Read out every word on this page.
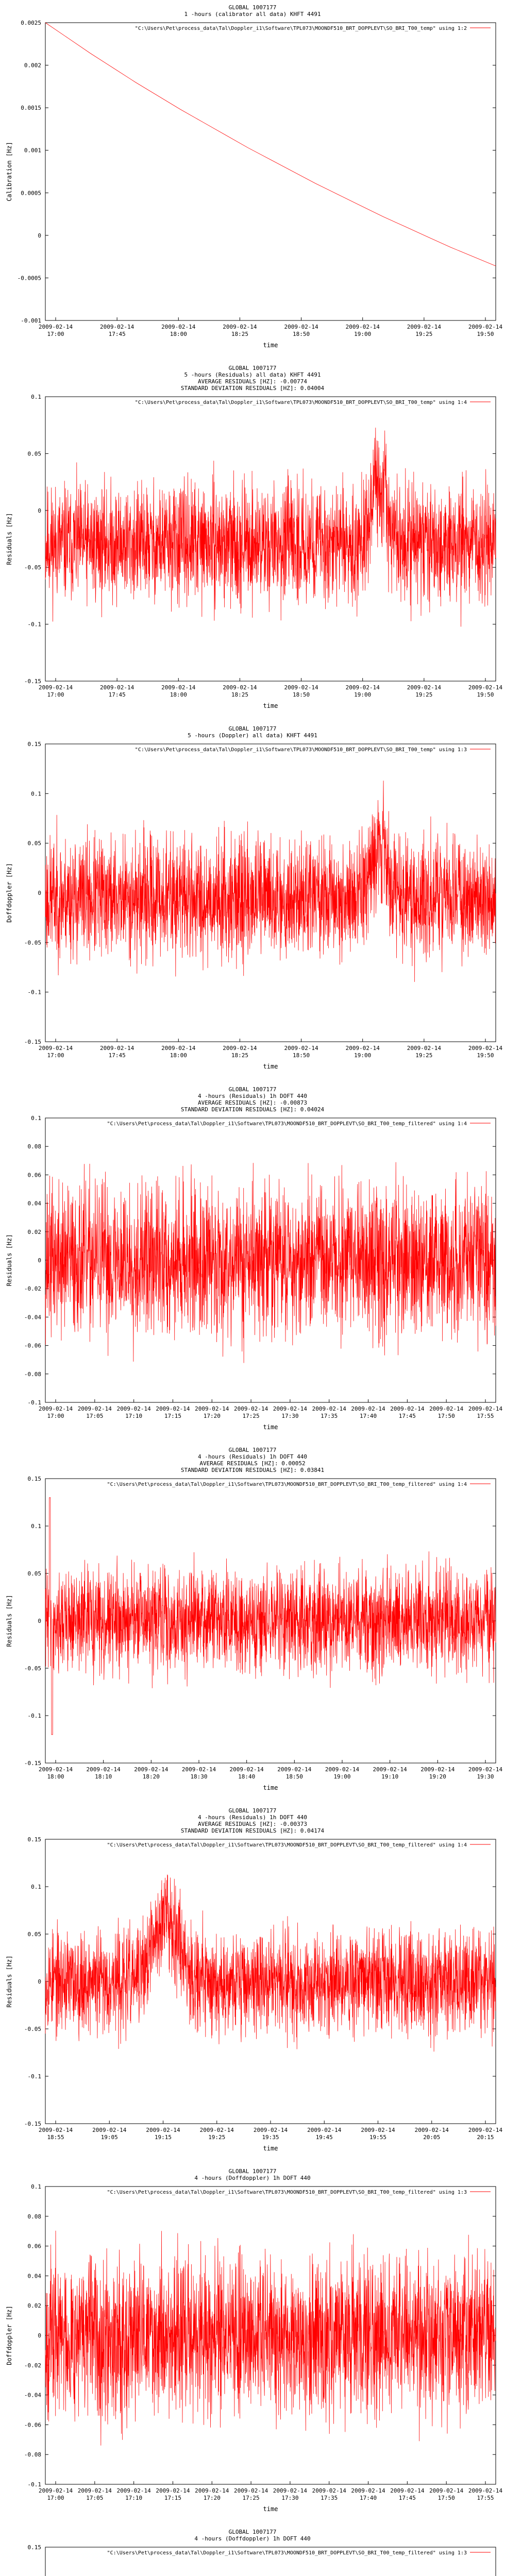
GLOBAL 1007177
1 -hours (calibrator all data) KHFT 4491
0.0025
0.002
0.0015
0.001
0.0005
0
-0.0005
-0.001
2009-02-14 17:00
2009-02-14 17:45
2009-02-14 18:00
2009-02-14 18:25
2009-02-14 18:50
2009-02-14 19:00
2009-02-14 19:25
2009-02-14 19:50
time
Calibration [Hz]
"C:\Users\Pet\process_data\Tal\Doppler_i1\Software\TPL073\MOONDF510_BRT_DOPPLEVT\SO_BRI_T00_temp" using 1:2
GLOBAL 1007177
5 -hours (Residuals) all data) KHFT 4491
AVERAGE RESIDUALS [HZ]: -0.00774
STANDARD DEVIATION RESIDUALS [HZ]: 0.04004
0.1
0.05
0
-0.05
-0.1
-0.15
2009-02-14 17:00
2009-02-14 17:45
2009-02-14 18:00
2009-02-14 18:25
2009-02-14 18:50
2009-02-14 19:00
2009-02-14 19:25
2009-02-14 19:50
time
Residuals [Hz]
"C:\Users\Pet\process_data\Tal\Doppler_i1\Software\TPL073\MOONDF510_BRT_DOPPLEVT\SO_BRI_T00_temp" using 1:4
GLOBAL 1007177
5 -hours (Doppler) all data) KHFT 4491
0.15
0.1
0.05
0
-0.05
-0.1
-0.15
2009-02-14 17:00
2009-02-14 17:45
2009-02-14 18:00
2009-02-14 18:25
2009-02-14 18:50
2009-02-14 19:00
2009-02-14 19:25
2009-02-14 19:50
time
Doffdoppler [Hz]
"C:\Users\Pet\process_data\Tal\Doppler_i1\Software\TPL073\MOONDF510_BRT_DOPPLEVT\SO_BRI_T00_temp" using 1:3
GLOBAL 1007177
4 -hours (Residuals) 1h DOFT 440
AVERAGE RESIDUALS [HZ]: -0.00873
STANDARD DEVIATION RESIDUALS [HZ]: 0.04024
0.1
0.08
0.06
0.04
0.02
0
-0.02
-0.04
-0.06
-0.08
-0.1
2009-02-14 17:00
2009-02-14 17:05
2009-02-14 17:10
2009-02-14 17:15
2009-02-14 17:20
2009-02-14 17:25
2009-02-14 17:30
2009-02-14 17:35
2009-02-14 17:40
2009-02-14 17:45
2009-02-14 17:50
2009-02-14 17:55
time
Residuals [Hz]
"C:\Users\Pet\process_data\Tal\Doppler_i1\Software\TPL073\MOONDF510_BRT_DOPPLEVT\SO_BRI_T00_temp_filtered" using 1:4
GLOBAL 1007177
4 -hours (Residuals) 1h DOFT 440
AVERAGE RESIDUALS [HZ]: 0.00052
STANDARD DEVIATION RESIDUALS [HZ]: 0.03841
0.15
0.1
0.05
0
-0.05
-0.1
-0.15
2009-02-14 18:00
2009-02-14 18:10
2009-02-14 18:20
2009-02-14 18:30
2009-02-14 18:40
2009-02-14 18:50
2009-02-14 19:00
2009-02-14 19:10
2009-02-14 19:20
2009-02-14 19:30
time
Residuals [Hz]
"C:\Users\Pet\process_data\Tal\Doppler_i1\Software\TPL073\MOONDF510_BRT_DOPPLEVT\SO_BRI_T00_temp_filtered" using 1:4
GLOBAL 1007177
4 -hours (Residuals) 1h DOFT 440
AVERAGE RESIDUALS [HZ]: -0.00373
STANDARD DEVIATION RESIDUALS [HZ]: 0.04174
0.15
0.1
0.05
0
-0.05
-0.1
-0.15
2009-02-14 18:55
2009-02-14 19:05
2009-02-14 19:15
2009-02-14 19:25
2009-02-14 19:35
2009-02-14 19:45
2009-02-14 19:55
2009-02-14 20:05
2009-02-14 20:15
time
Residuals [Hz]
"C:\Users\Pet\process_data\Tal\Doppler_i1\Software\TPL073\MOONDF510_BRT_DOPPLEVT\SO_BRI_T00_temp_filtered" using 1:4
GLOBAL 1007177
4 -hours (Doffdoppler) 1h DOFT 440
0.1
0.08
0.06
0.04
0.02
0
-0.02
-0.04
-0.06
-0.08
-0.1
2009-02-14 17:00
2009-02-14 17:05
2009-02-14 17:10
2009-02-14 17:15
2009-02-14 17:20
2009-02-14 17:25
2009-02-14 17:30
2009-02-14 17:35
2009-02-14 17:40
2009-02-14 17:45
2009-02-14 17:50
2009-02-14 17:55
time
Doffdoppler [Hz]
"C:\Users\Pet\process_data\Tal\Doppler_i1\Software\TPL073\MOONDF510_BRT_DOPPLEVT\SO_BRI_T00_temp_filtered" using 1:3
GLOBAL 1007177
4 -hours (Doffdoppler) 1h DOFT 440
0.15
"C:\Users\Pet\process_data\Tal\Doppler_i1\Software\TPL073\MOONDF510_BRT_DOPPLEVT\SO_BRI_T00_temp_filtered" using 1:3
